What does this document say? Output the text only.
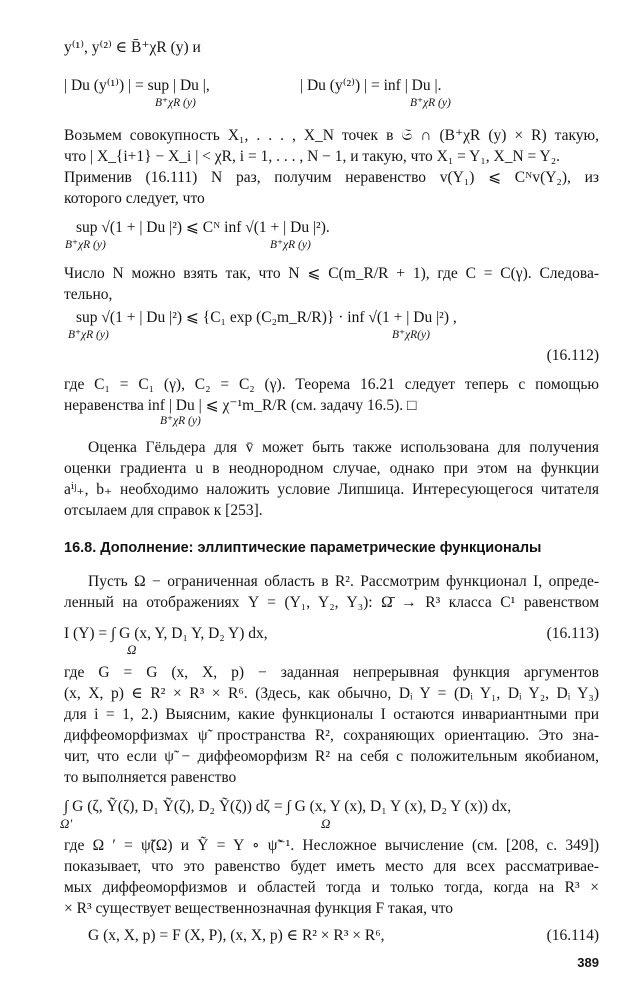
y⁽¹⁾, y⁽²⁾ ∈ B̄⁺χR (y) и
| Du (y⁽¹⁾) | = sup | Du |,
B⁺χR (y)
| Du (y⁽²⁾) | = inf | Du |.
B⁺χR (y)
Возьмем совокупность X₁, . . . , X_N точек в 𝔖 ∩ (B⁺χR (y) × R) такую,
что | X_{i+1} − X_i | < χR, i = 1, . . . , N − 1, и такую, что X₁ = Y₁, X_N = Y₂.
Применив (16.111) N раз, получим неравенство v(Y₁) ⩽ Cᴺv(Y₂), из
которого следует, что
sup √(1 + | Du |²) ⩽ Cᴺ inf √(1 + | Du |²).
B⁺χR (y)	B⁺χR (y)
Число N можно взять так, что N ⩽ C(m_R/R + 1), где C = C(γ). Следова-
тельно,
sup √(1 + | Du |²) ⩽ {C₁ exp (C₂m_R/R)} · inf √(1 + | Du |²) ,
B⁺χR (y)	B⁺χR(y)
(16.112)
где C₁ = C₁ (γ), C₂ = C₂ (γ). Теорема 16.21 следует теперь с помощью
неравенства inf | Du | ⩽ χ⁻¹m_R/R (см. задачу 16.5). □
B⁺χR (y)
Оценка Гёльдера для v̄ может быть также использована для получения
оценки градиента u в неоднородном случае, однако при этом на функции
aⁱʲ₊, b₊ необходимо наложить условие Липшица. Интересующегося читателя
отсылаем для справок к [253].
16.8. Дополнение: эллиптические параметрические функционалы
Пусть Ω − ограниченная область в R². Рассмотрим функционал I, опреде-
ленный на отображениях Y = (Y₁, Y₂, Y₃): Ω̄ → R³ класса C¹ равенством
I (Y) = ∫ G (x, Y, D₁ Y, D₂ Y) dx,
Ω
(16.113)
где G = G (x, X, p) − заданная непрерывная функция аргументов
(x, X, p) ∈ R² × R³ × R⁶. (Здесь, как обычно, Dᵢ Y = (Dᵢ Y₁, Dᵢ Y₂, Dᵢ Y₃)
для i = 1, 2.) Выясним, какие функционалы I остаются инвариантными при
диффеоморфизмах ψ̃ пространства R², сохраняющих ориентацию. Это зна-
чит, что если ψ̃ − диффеоморфизм R² на себя с положительным якобианом,
то выполняется равенство
∫ G (ζ, Ỹ(ζ), D₁ Ỹ(ζ), D₂ Ỹ(ζ)) dζ = ∫ G (x, Y (x), D₁ Y (x), D₂ Y (x)) dx,
Ω′	Ω
где Ω ′ = ψ̃(Ω) и Ỹ = Y ∘ ψ̃⁻¹. Несложное вычисление (см. [208, с. 349])
показывает, что это равенство будет иметь место для всех рассматривае-
мых диффеоморфизмов и областей тогда и только тогда, когда на R³ ×
× R³ существует вещественнозначная функция F такая, что
G (x, X, p) = F (X, P), (x, X, p) ∈ R² × R³ × R⁶,	(16.114)
389
